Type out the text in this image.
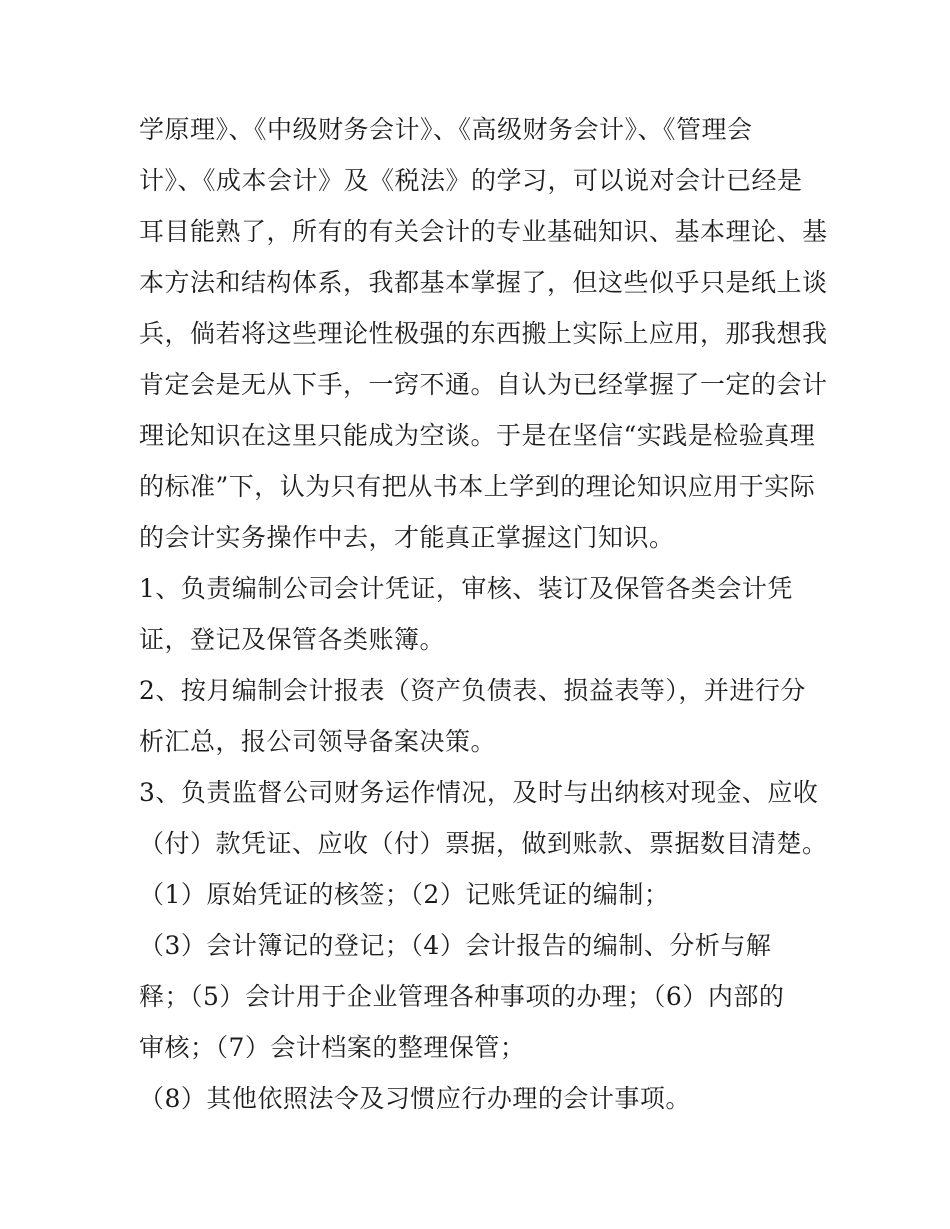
学原理》、《中级财务会计》、《高级财务会计》、《管理会
计》、《成本会计》及《税法》的学习，可以说对会计已经是
耳目能熟了，所有的有关会计的专业基础知识、基本理论、基
本方法和结构体系，我都基本掌握了，但这些似乎只是纸上谈
兵，倘若将这些理论性极强的东西搬上实际上应用，那我想我
肯定会是无从下手，一窍不通。自认为已经掌握了一定的会计
理论知识在这里只能成为空谈。于是在坚信“实践是检验真理
的标准”下，认为只有把从书本上学到的理论知识应用于实际
的会计实务操作中去，才能真正掌握这门知识。
1、负责编制公司会计凭证，审核、装订及保管各类会计凭
证，登记及保管各类账簿。
2、按月编制会计报表（资产负债表、损益表等），并进行分
析汇总，报公司领导备案决策。
3、负责监督公司财务运作情况，及时与出纳核对现金、应收
（付）款凭证、应收（付）票据，做到账款、票据数目清楚。
（1）原始凭证的核签；（2）记账凭证的编制；
（3）会计簿记的登记；（4）会计报告的编制、分析与解
释；（5）会计用于企业管理各种事项的办理；（6）内部的
审核；（7）会计档案的整理保管；
（8）其他依照法令及习惯应行办理的会计事项。
